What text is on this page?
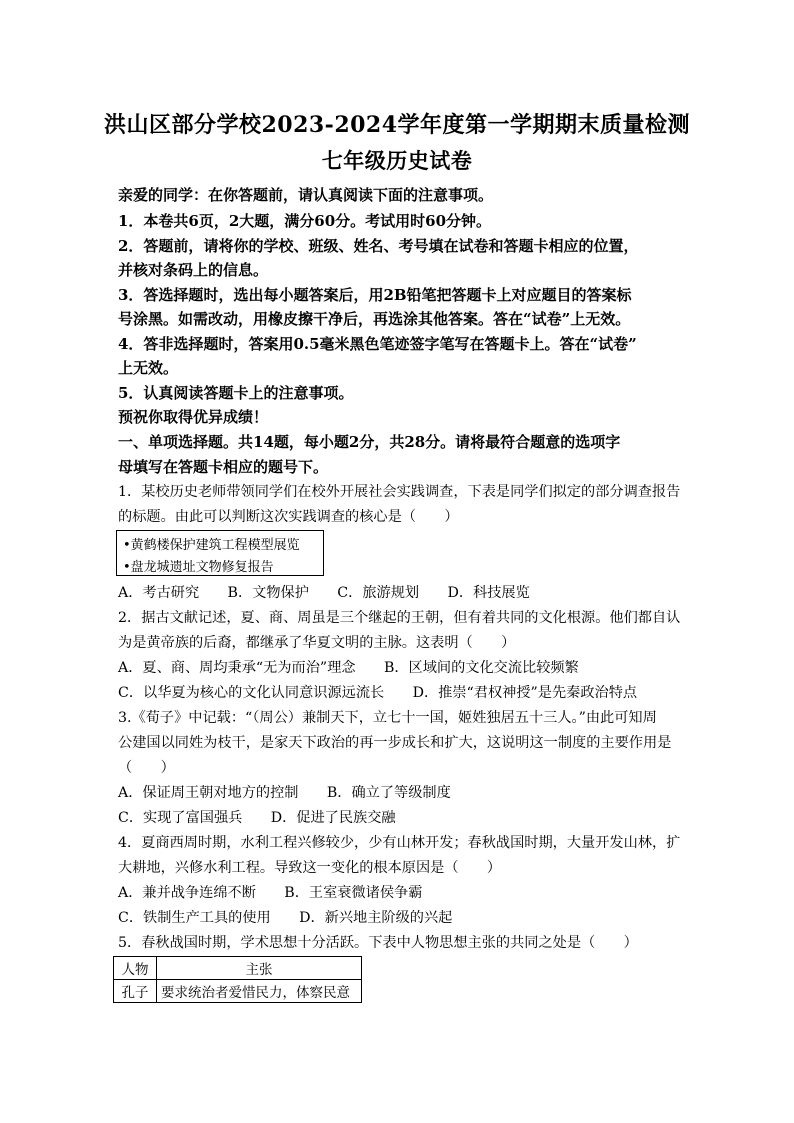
洪山区部分学校2023-2024学年度第一学期期末质量检测
七年级历史试卷
亲爱的同学：在你答题前，请认真阅读下面的注意事项。
1．本卷共6页，2大题，满分60分。考试用时60分钟。
2．答题前，请将你的学校、班级、姓名、考号填在试卷和答题卡相应的位置，
并核对条码上的信息。
3．答选择题时，选出每小题答案后，用2B铅笔把答题卡上对应题目的答案标
号涂黑。如需改动，用橡皮擦干净后，再选涂其他答案。答在“试卷”上无效。
4．答非选择题时，答案用0.5毫米黑色笔迹签字笔写在答题卡上。答在“试卷”
上无效。
5．认真阅读答题卡上的注意事项。
预祝你取得优异成绩！
一、单项选择题。共14题，每小题2分，共28分。请将最符合题意的选项字
母填写在答题卡相应的题号下。
1．某校历史老师带领同学们在校外开展社会实践调查，下表是同学们拟定的部分调查报告
的标题。由此可以判断这次实践调查的核心是（　　）
•黄鹤楼保护建筑工程模型展览
•盘龙城遗址文物修复报告
A．考古研究　　B．文物保护　　C．旅游规划　　D．科技展览
2．据古文献记述，夏、商、周虽是三个继起的王朝，但有着共同的文化根源。他们都自认
为是黄帝族的后裔，都继承了华夏文明的主脉。这表明（　　）
A．夏、商、周均秉承“无为而治”理念　　B．区域间的文化交流比较频繁
C．以华夏为核心的文化认同意识源远流长　　D．推崇“君权神授”是先秦政治特点
3.《荀子》中记载：“（周公）兼制天下，立七十一国，姬姓独居五十三人。”由此可知周
公建国以同姓为枝干，是家天下政治的再一步成长和扩大，这说明这一制度的主要作用是
（　　）
A．保证周王朝对地方的控制　　B．确立了等级制度
C．实现了富国强兵　　D．促进了民族交融
4．夏商西周时期，水利工程兴修较少，少有山林开发；春秋战国时期，大量开发山林，扩
大耕地，兴修水利工程。导致这一变化的根本原因是（　　）
A．兼并战争连绵不断　　B．王室衰微诸侯争霸
C．铁制生产工具的使用　　D．新兴地主阶级的兴起
5．春秋战国时期，学术思想十分活跃。下表中人物思想主张的共同之处是（　　）
人物	主张
孔子	要求统治者爱惜民力，体察民意
